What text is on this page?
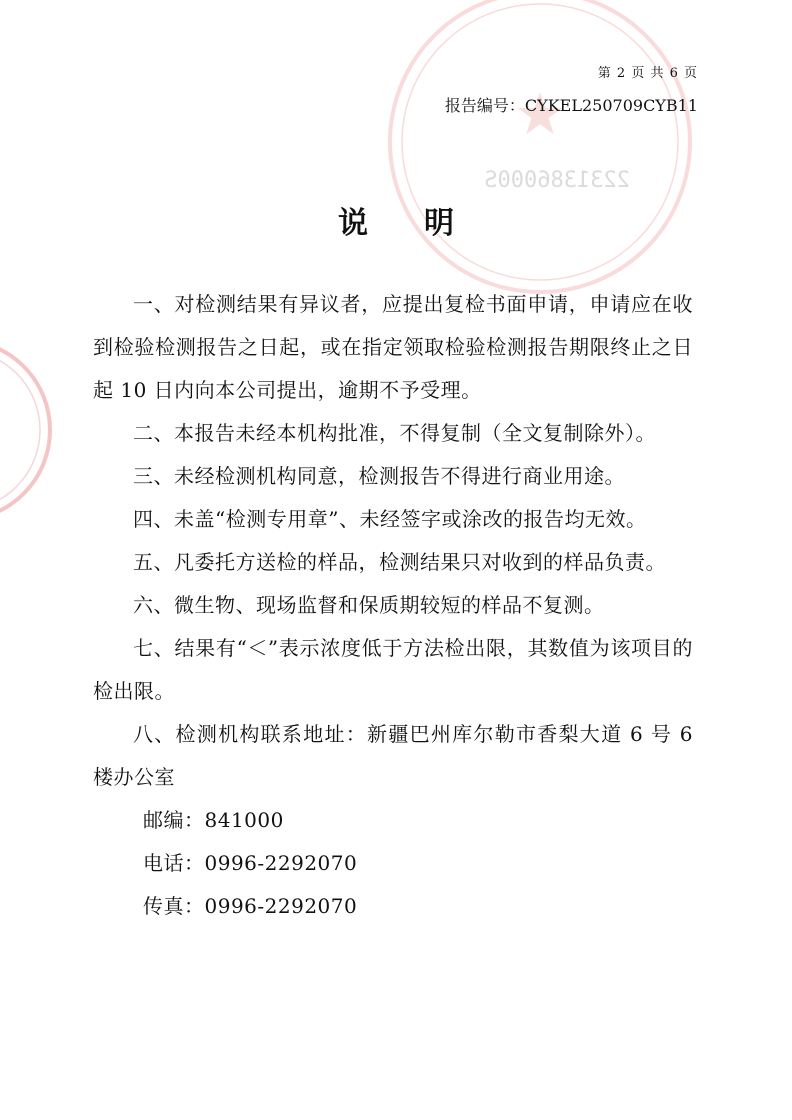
★
2231386000S
第 2 页 共 6 页
报告编号：CYKEL250709CYB11
说明

一、对检测结果有异议者，应提出复检书面申请，申请应在收到检验检测报告之日起，或在指定领取检验检测报告期限终止之日起 10 日内向本公司提出，逾期不予受理。

二、本报告未经本机构批准，不得复制（全文复制除外）。

三、未经检测机构同意，检测报告不得进行商业用途。

四、未盖“检测专用章”、未经签字或涂改的报告均无效。

五、凡委托方送检的样品，检测结果只对收到的样品负责。

六、微生物、现场监督和保质期较短的样品不复测。

七、结果有“＜”表示浓度低于方法检出限，其数值为该项目的检出限。

八、检测机构联系地址：新疆巴州库尔勒市香梨大道 6 号 6 楼办公室

邮编：841000

电话：0996-2292070

传真：0996-2292070
